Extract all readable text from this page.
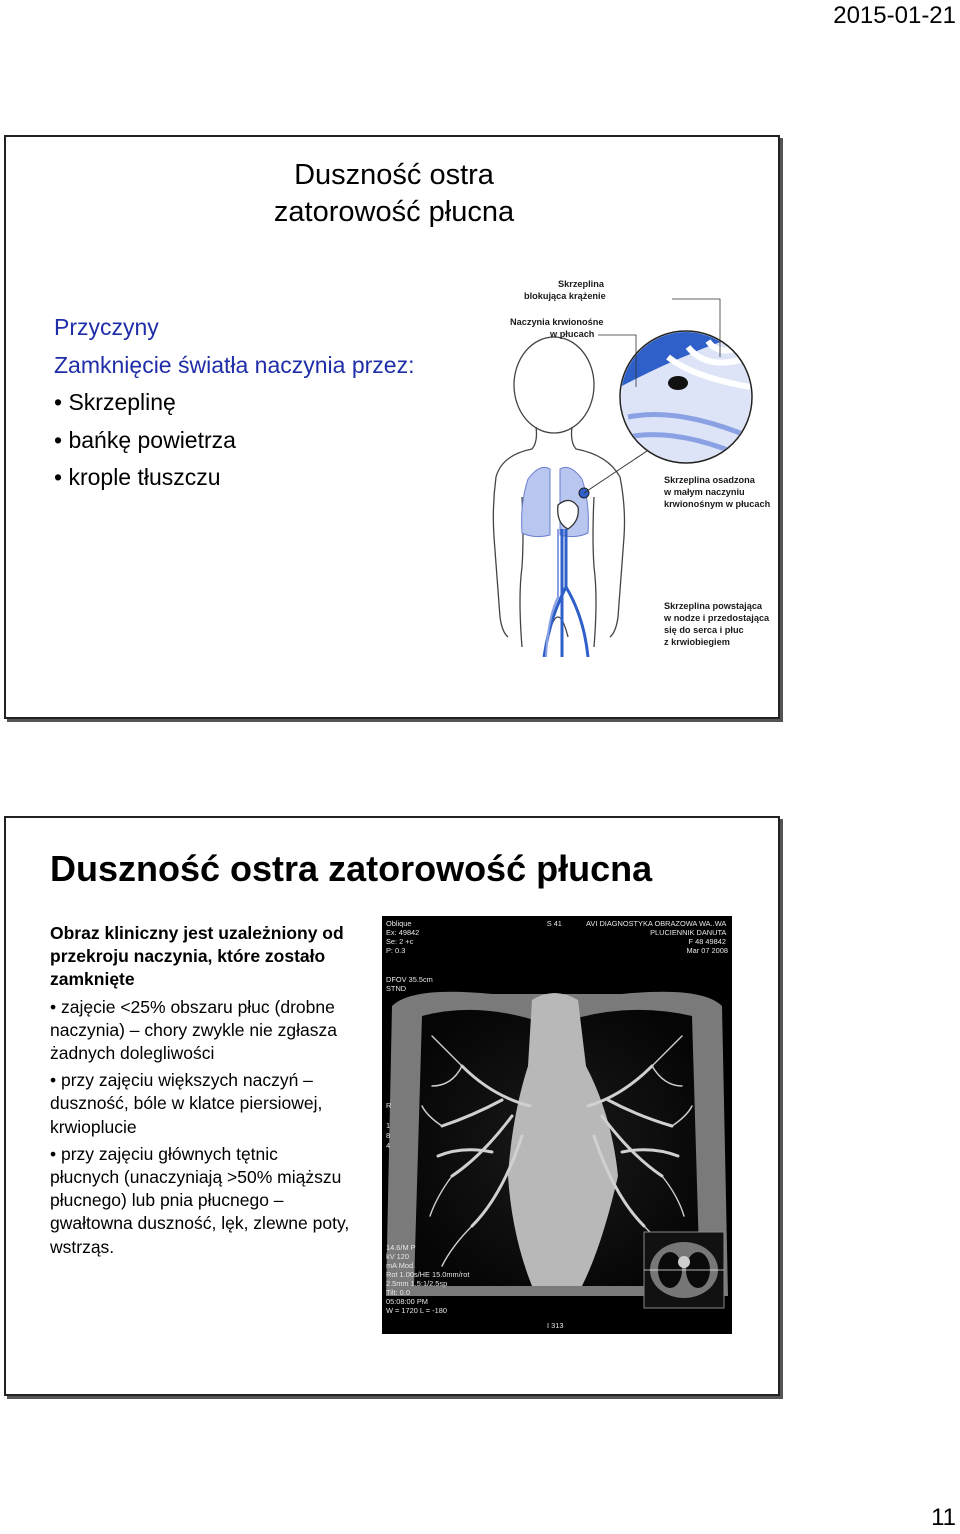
2015-01-21
Duszność ostra
zatorowość płucna
Przyczyny
Zamknięcie światła naczynia przez:
• Skrzeplinę
• bańkę powietrza
• krople tłuszczu
Skrzeplina blokująca krążenie
Naczynia krwionośne w płucach
Skrzeplina osadzona w małym naczyniu krwionośnym w płucach
Skrzeplina powstająca w nodze i przedostająca się do serca i płuc z krwiobiegiem
Duszność ostra zatorowość płucna
Obraz kliniczny jest uzależniony od przekroju naczynia, które zostało zamknięte

• zajęcie <25% obszaru płuc (drobne naczynia) – chory zwykle nie zgłasza żadnych dolegliwości

• przy zajęciu większych naczyń – duszność, bóle w klatce piersiowej, krwioplucie

• przy zajęciu głównych tętnic płucnych (unaczyniają >50% miąższu płucnego) lub pnia płucnego – gwałtowna duszność, lęk, zlewne poty, wstrząs.

Oblique Ex: 49842 Se: 2 +c P: 0.3 DFOV 35.5cm STND
S 41	AVI DIAGNOSTYKA OBRAZOWA WA..WA PLUCIENNIK DANUTA F 48 49842 Mar 07 2008
R 1 8 4
14.6/M P kV 120 mA Mod. Rot 1.00s/HE 15.0mm/rot 2.5mm 1.5:1/2.5sp Tilt: 0.0 05:08:00 PM W = 1720 L = -180
I 313
11
